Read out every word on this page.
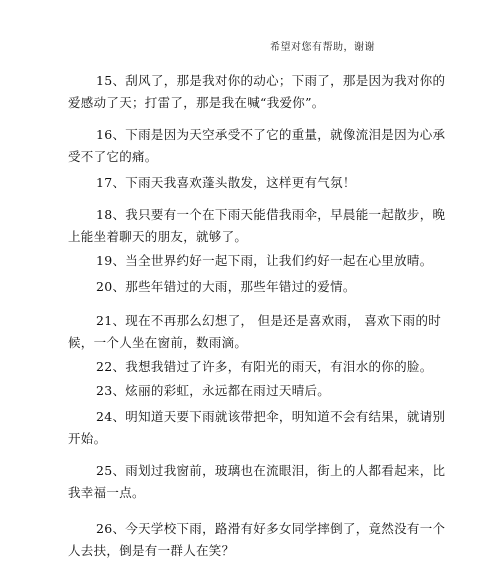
希望对您有帮助，谢谢
15、刮风了，那是我对你的动心；下雨了，那是因为我对你的
爱感动了天；打雷了，那是我在喊“我爱你”。
16、下雨是因为天空承受不了它的重量，就像流泪是因为心承
受不了它的痛。
17、下雨天我喜欢蓬头散发，这样更有气氛！
18、我只要有一个在下雨天能借我雨伞，早晨能一起散步，晚
上能坐着聊天的朋友，就够了。
19、当全世界约好一起下雨，让我们约好一起在心里放晴。
20、那些年错过的大雨，那些年错过的爱情。
21、现在不再那么幻想了， 但是还是喜欢雨， 喜欢下雨的时
候，一个人坐在窗前，数雨滴。
22、我想我错过了许多，有阳光的雨天，有泪水的你的脸。
23、炫丽的彩虹，永远都在雨过天晴后。
24、明知道天要下雨就该带把伞，明知道不会有结果，就请别
开始。
25、雨划过我窗前，玻璃也在流眼泪，街上的人都看起来，比
我幸福一点。
26、今天学校下雨，路滑有好多女同学摔倒了，竟然没有一个
人去扶，倒是有一群人在笑？
